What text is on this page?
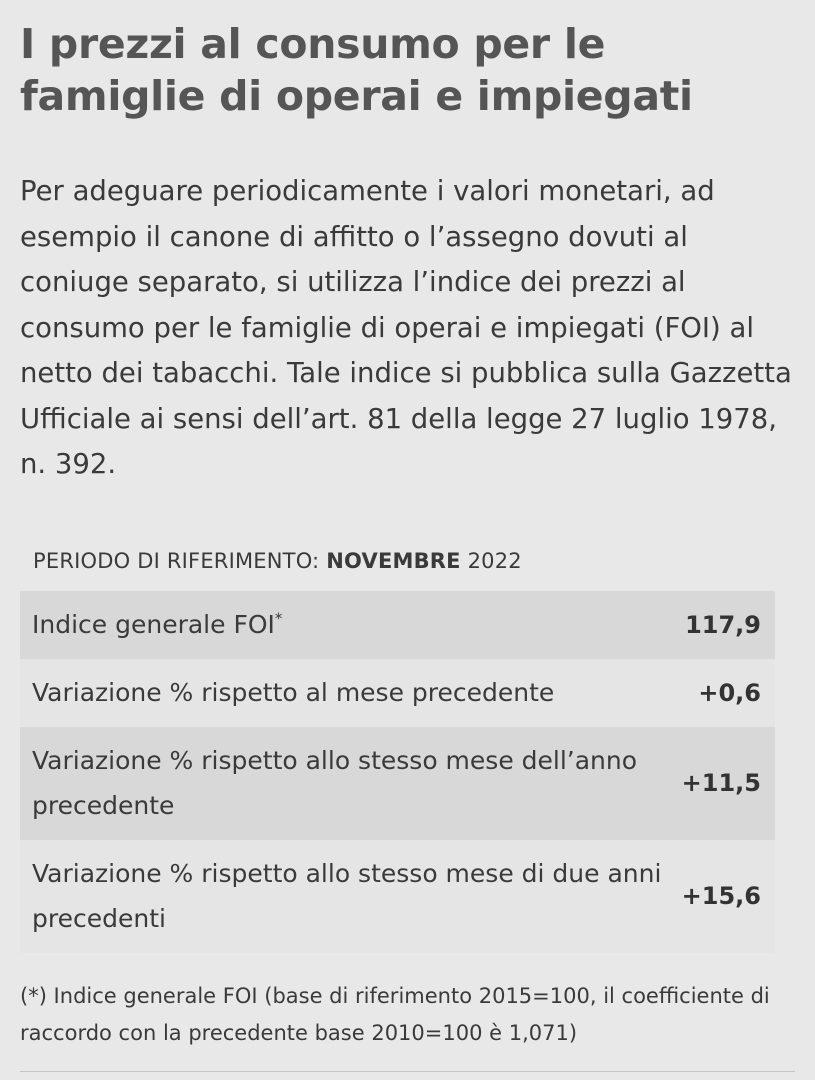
I prezzi al consumo per le famiglie di operai e impiegati

Per adeguare periodicamente i valori monetari, ad esempio il canone di affitto o l’assegno dovuti al coniuge separato, si utilizza l’indice dei prezzi al consumo per le famiglie di operai e impiegati (FOI) al netto dei tabacchi. Tale indice si pubblica sulla Gazzetta Ufficiale ai sensi dell’art. 81 della legge 27 luglio 1978, n. 392.

PERIODO DI RIFERIMENTO: NOVEMBRE 2022
Indice generale FOI*	117,9
Variazione % rispetto al mese precedente	+0,6
Variazione % rispetto allo stesso mese dell’anno precedente
+11,5
Variazione % rispetto allo stesso mese di due anni precedenti
+15,6
(*) Indice generale FOI (base di riferimento 2015=100, il coefficiente di raccordo con la precedente base 2010=100 è 1,071)
